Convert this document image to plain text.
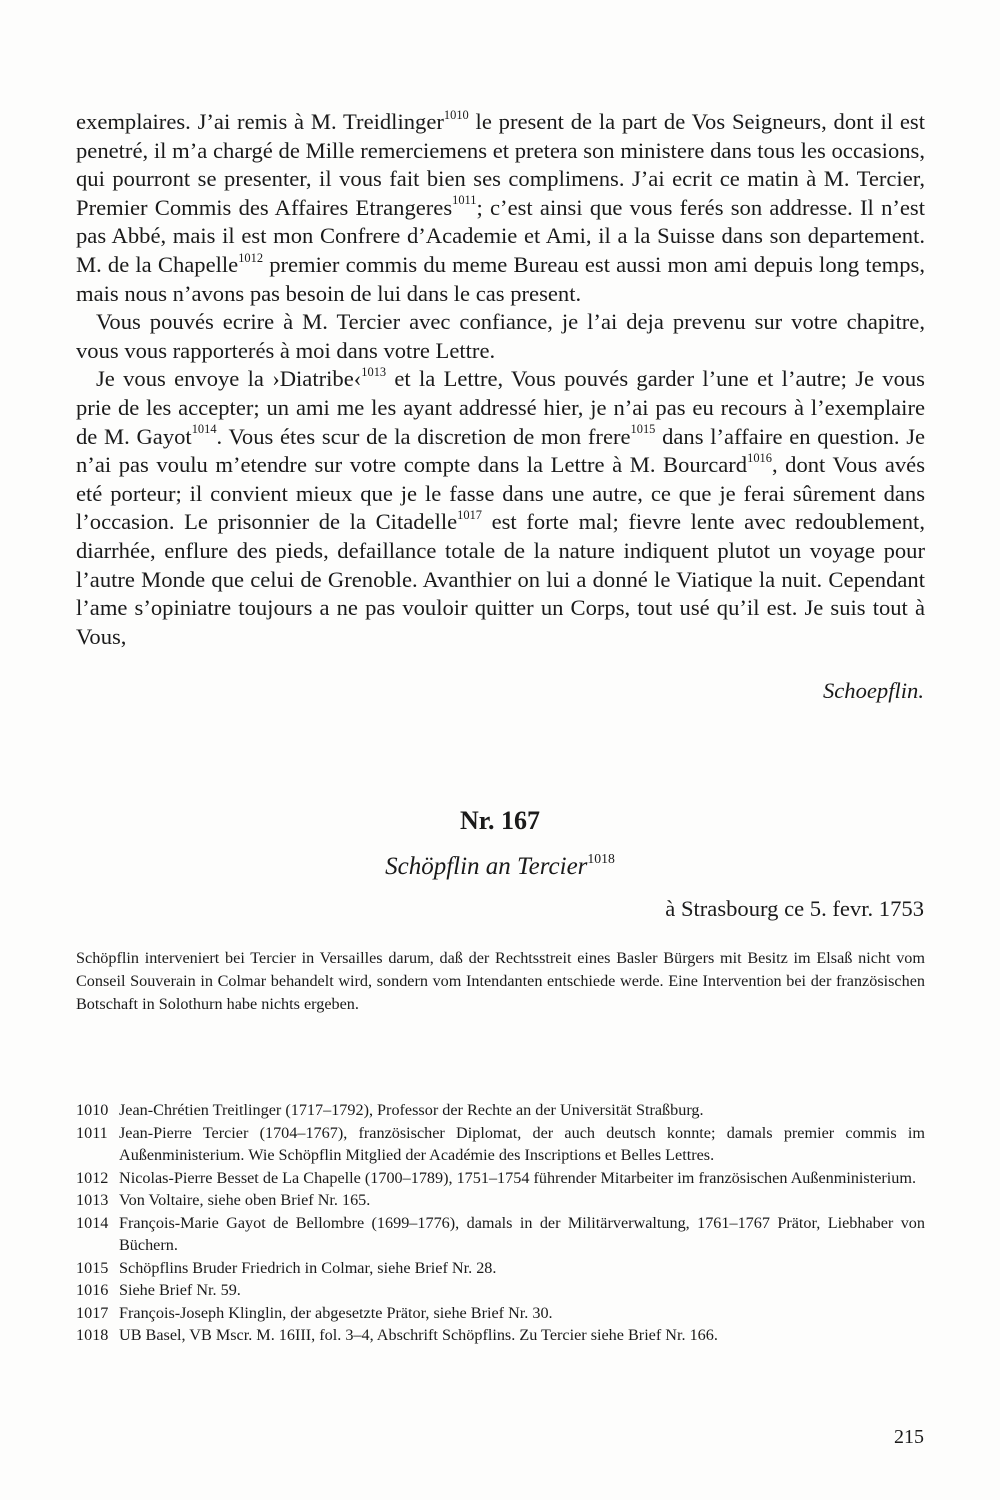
exemplaires. J’ai remis à M. Treidlinger$^{1010}$ le present de la part de Vos Seigneurs, dont il est penetré, il m’a chargé de Mille remerciemens et pretera son ministere dans tous les occasions, qui pourront se presenter, il vous fait bien ses complimens. J’ai ecrit ce matin à M. Tercier, Premier Commis des Affaires Etrangeres$^{1011}$; c’est ainsi que vous ferés son addresse. Il n’est pas Abbé, mais il est mon Confrere d’Academie et Ami, il a la Suisse dans son departement. M. de la Chapelle$^{1012}$ premier commis du meme Bureau est aussi mon ami depuis long temps, mais nous n’avons pas besoin de lui dans le cas present.

Vous pouvés ecrire à M. Tercier avec confiance, je l’ai deja prevenu sur votre chapitre, vous vous rapporterés à moi dans votre Lettre.

Je vous envoye la ›Diatribe‹$^{1013}$ et la Lettre, Vous pouvés garder l’une et l’autre; Je vous prie de les accepter; un ami me les ayant addressé hier, je n’ai pas eu recours à l’exemplaire de M. Gayot$^{1014}$. Vous étes scur de la discretion de mon frere$^{1015}$ dans l’affaire en question. Je n’ai pas voulu m’etendre sur votre compte dans la Lettre à M. Bourcard$^{1016}$, dont Vous avés eté porteur; il convient mieux que je le fasse dans une autre, ce que je ferai sûrement dans l’occasion. Le prisonnier de la Citadelle$^{1017}$ est forte mal; fievre lente avec redoublement, diarrhée, enflure des pieds, defaillance totale de la nature indiquent plutot un voyage pour l’autre Monde que celui de Grenoble. Avanthier on lui a donné le Viatique la nuit. Cependant l’ame s’opiniatre toujours a ne pas vouloir quitter un Corps, tout usé qu’il est. Je suis tout à Vous,

Schoepflin.
Nr. 167
Schöpflin an Tercier$^{1018}$
à Strasbourg ce 5. fevr. 1753
Schöpflin interveniert bei Tercier in Versailles darum, daß der Rechtsstreit eines Basler Bürgers mit Besitz im Elsaß nicht vom Conseil Souverain in Colmar behandelt wird, sondern vom Intendanten entschiede werde. Eine Intervention bei der französischen Botschaft in Solothurn habe nichts ergeben.
1010 Jean-Chrétien Treitlinger (1717–1792), Professor der Rechte an der Universität Straßburg.
1011 Jean-Pierre Tercier (1704–1767), französischer Diplomat, der auch deutsch konnte; damals premier commis im Außenministerium. Wie Schöpflin Mitglied der Académie des Inscriptions et Belles Lettres.
1012 Nicolas-Pierre Besset de La Chapelle (1700–1789), 1751–1754 führender Mitarbeiter im französischen Außenministerium.
1013 Von Voltaire, siehe oben Brief Nr. 165.
1014 François-Marie Gayot de Bellombre (1699–1776), damals in der Militärverwaltung, 1761–1767 Prätor, Liebhaber von Büchern.
1015 Schöpflins Bruder Friedrich in Colmar, siehe Brief Nr. 28.
1016 Siehe Brief Nr. 59.
1017 François-Joseph Klinglin, der abgesetzte Prätor, siehe Brief Nr. 30.
1018 UB Basel, VB Mscr. M. 16III, fol. 3–4, Abschrift Schöpflins. Zu Tercier siehe Brief Nr. 166.
215
